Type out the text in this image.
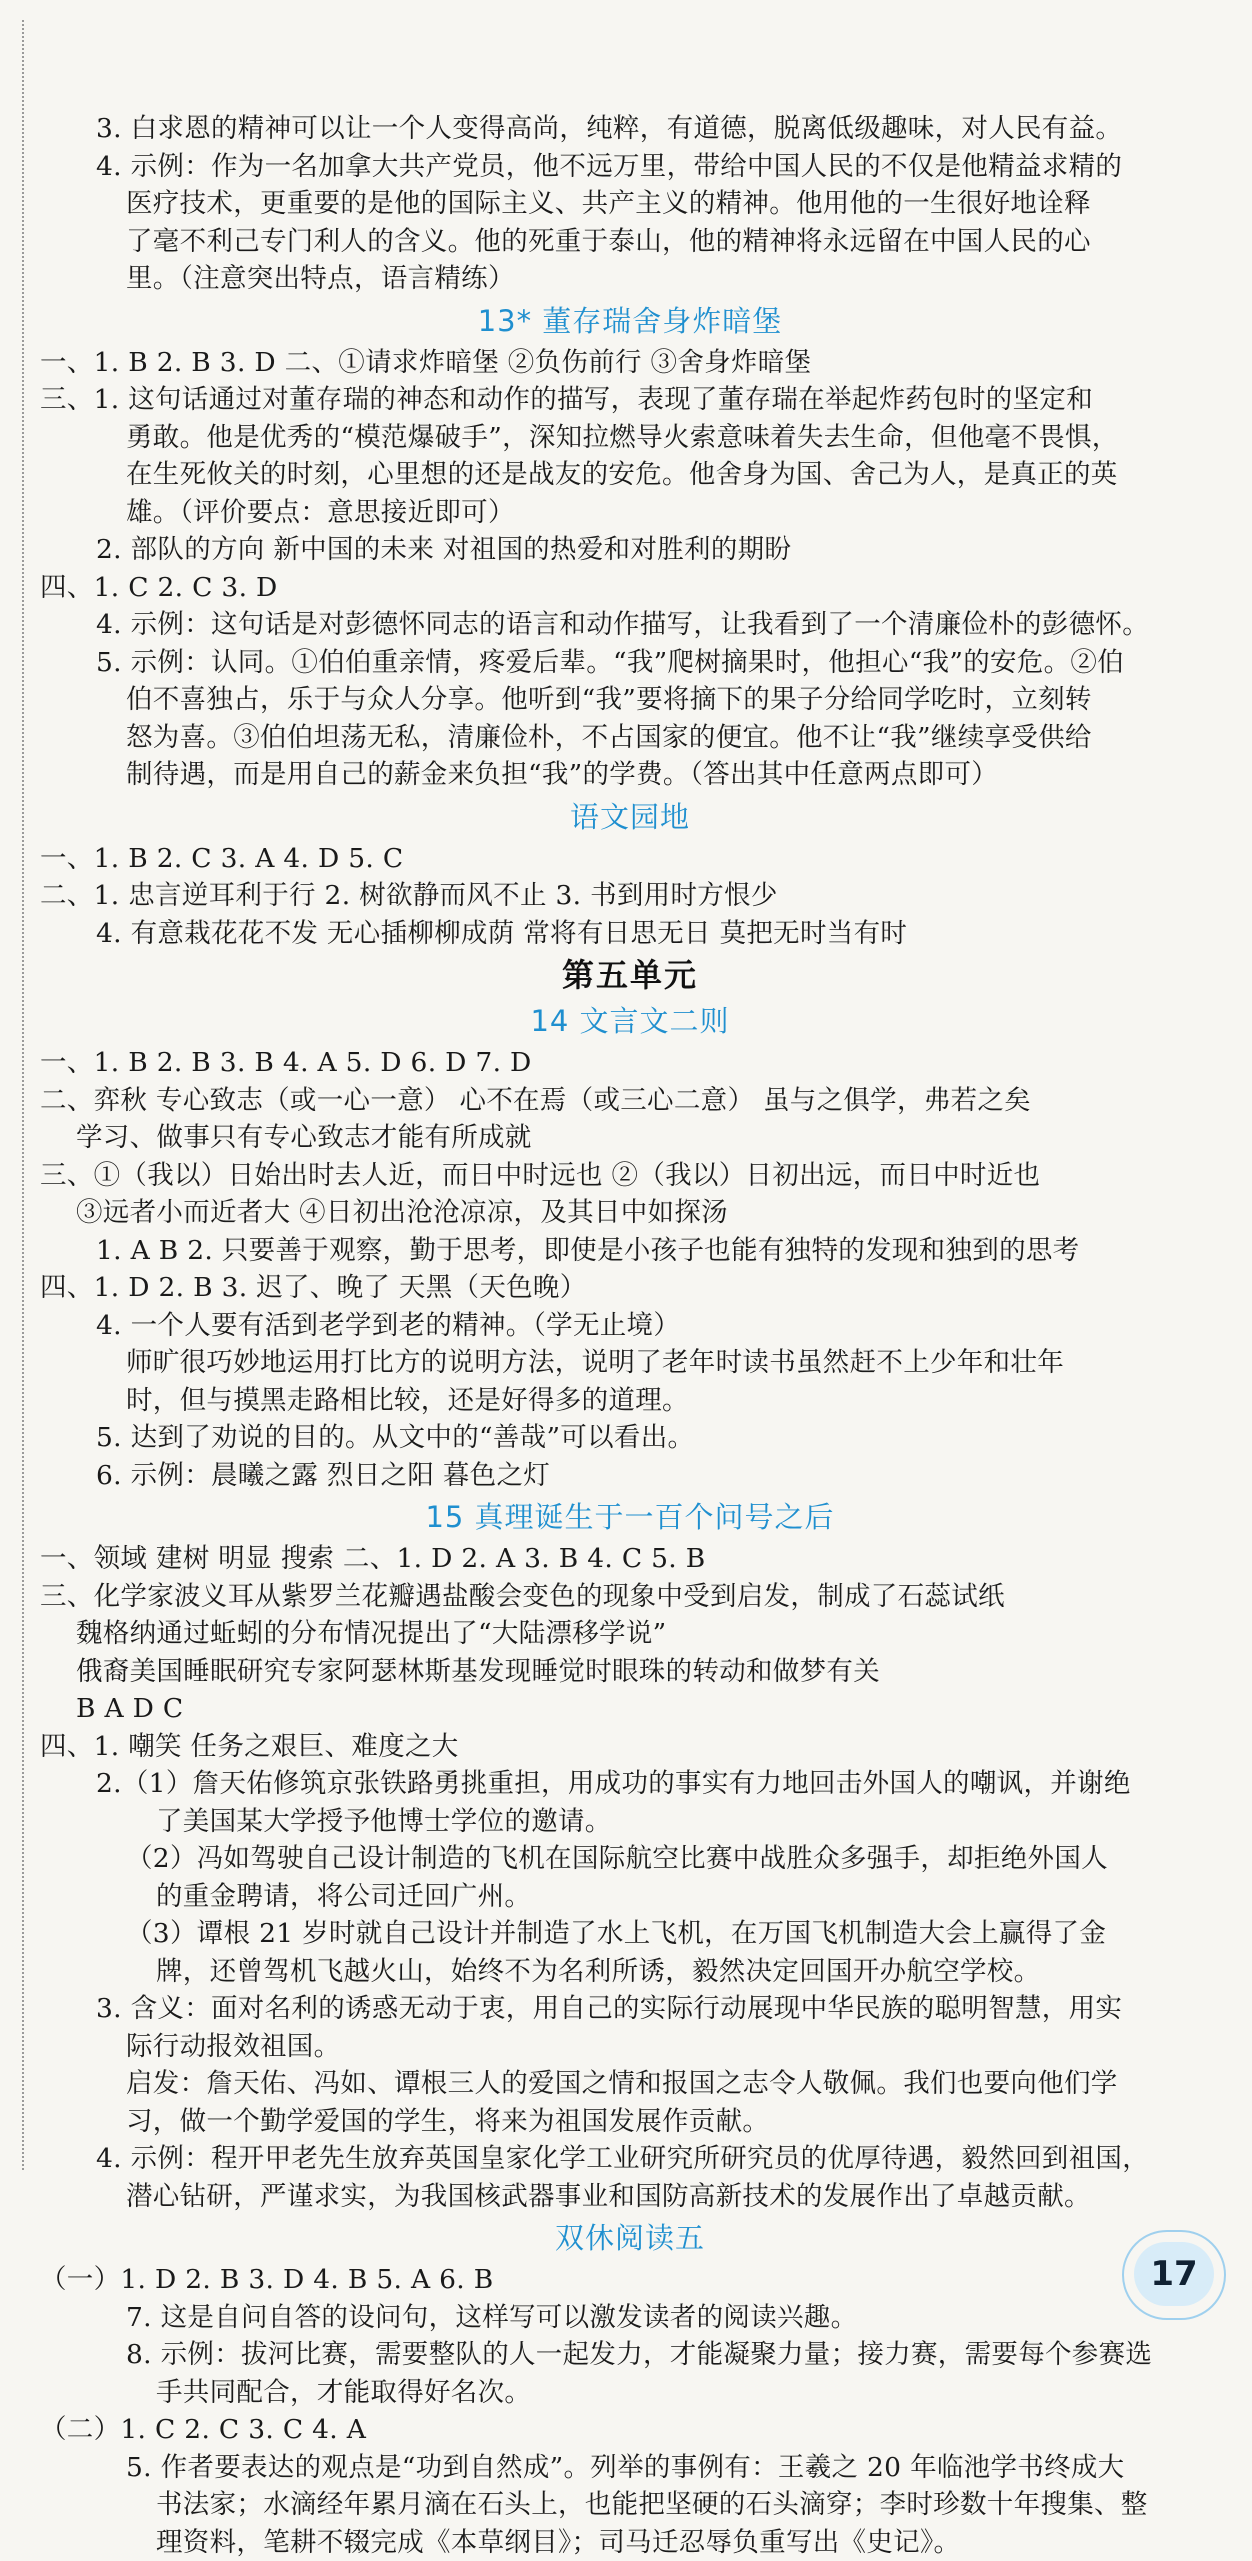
3. 白求恩的精神可以让一个人变得高尚，纯粹，有道德，脱离低级趣味，对人民有益。
4. 示例：作为一名加拿大共产党员，他不远万里，带给中国人民的不仅是他精益求精的
医疗技术，更重要的是他的国际主义、共产主义的精神。他用他的一生很好地诠释
了毫不利己专门利人的含义。他的死重于泰山，他的精神将永远留在中国人民的心
里。（注意突出特点，语言精练）
13* 董存瑞舍身炸暗堡
一、1. B 2. B 3. D 二、①请求炸暗堡 ②负伤前行 ③舍身炸暗堡
三、1. 这句话通过对董存瑞的神态和动作的描写，表现了董存瑞在举起炸药包时的坚定和
勇敢。他是优秀的“模范爆破手”，深知拉燃导火索意味着失去生命，但他毫不畏惧，
在生死攸关的时刻，心里想的还是战友的安危。他舍身为国、舍己为人，是真正的英
雄。（评价要点：意思接近即可）
2. 部队的方向 新中国的未来 对祖国的热爱和对胜利的期盼
四、1. C 2. C 3. D
4. 示例：这句话是对彭德怀同志的语言和动作描写，让我看到了一个清廉俭朴的彭德怀。
5. 示例：认同。①伯伯重亲情，疼爱后辈。“我”爬树摘果时，他担心“我”的安危。②伯
伯不喜独占，乐于与众人分享。他听到“我”要将摘下的果子分给同学吃时，立刻转
怒为喜。③伯伯坦荡无私，清廉俭朴，不占国家的便宜。他不让“我”继续享受供给
制待遇，而是用自己的薪金来负担“我”的学费。（答出其中任意两点即可）
语文园地
一、1. B 2. C 3. A 4. D 5. C
二、1. 忠言逆耳利于行 2. 树欲静而风不止 3. 书到用时方恨少
4. 有意栽花花不发 无心插柳柳成荫 常将有日思无日 莫把无时当有时
第五单元
14 文言文二则
一、1. B 2. B 3. B 4. A 5. D 6. D 7. D
二、弈秋 专心致志（或一心一意） 心不在焉（或三心二意） 虽与之俱学，弗若之矣
学习、做事只有专心致志才能有所成就
三、①（我以）日始出时去人近，而日中时远也 ②（我以）日初出远，而日中时近也
③远者小而近者大 ④日初出沧沧凉凉，及其日中如探汤
1. A B 2. 只要善于观察，勤于思考，即使是小孩子也能有独特的发现和独到的思考
四、1. D 2. B 3. 迟了、晚了 天黑（天色晚）
4. 一个人要有活到老学到老的精神。（学无止境）
师旷很巧妙地运用打比方的说明方法，说明了老年时读书虽然赶不上少年和壮年
时，但与摸黑走路相比较，还是好得多的道理。
5. 达到了劝说的目的。从文中的“善哉”可以看出。
6. 示例：晨曦之露 烈日之阳 暮色之灯
15 真理诞生于一百个问号之后
一、领域 建树 明显 搜索 二、1. D 2. A 3. B 4. C 5. B
三、化学家波义耳从紫罗兰花瓣遇盐酸会变色的现象中受到启发，制成了石蕊试纸
魏格纳通过蚯蚓的分布情况提出了“大陆漂移学说”
俄裔美国睡眠研究专家阿瑟林斯基发现睡觉时眼珠的转动和做梦有关
B A D C
四、1. 嘲笑 任务之艰巨、难度之大
2.（1）詹天佑修筑京张铁路勇挑重担，用成功的事实有力地回击外国人的嘲讽，并谢绝
了美国某大学授予他博士学位的邀请。
（2）冯如驾驶自己设计制造的飞机在国际航空比赛中战胜众多强手，却拒绝外国人
的重金聘请，将公司迁回广州。
（3）谭根 21 岁时就自己设计并制造了水上飞机，在万国飞机制造大会上赢得了金
牌，还曾驾机飞越火山，始终不为名利所诱，毅然决定回国开办航空学校。
3. 含义：面对名利的诱惑无动于衷，用自己的实际行动展现中华民族的聪明智慧，用实
际行动报效祖国。
启发：詹天佑、冯如、谭根三人的爱国之情和报国之志令人敬佩。我们也要向他们学
习，做一个勤学爱国的学生，将来为祖国发展作贡献。
4. 示例：程开甲老先生放弃英国皇家化学工业研究所研究员的优厚待遇，毅然回到祖国，
潜心钻研，严谨求实，为我国核武器事业和国防高新技术的发展作出了卓越贡献。
双休阅读五
（一）1. D 2. B 3. D 4. B 5. A 6. B
7. 这是自问自答的设问句，这样写可以激发读者的阅读兴趣。
8. 示例：拔河比赛，需要整队的人一起发力，才能凝聚力量；接力赛，需要每个参赛选
手共同配合，才能取得好名次。
（二）1. C 2. C 3. C 4. A
5. 作者要表达的观点是“功到自然成”。列举的事例有：王羲之 20 年临池学书终成大
书法家；水滴经年累月滴在石头上，也能把坚硬的石头滴穿；李时珍数十年搜集、整
理资料，笔耕不辍完成《本草纲目》；司马迁忍辱负重写出《史记》。
17
